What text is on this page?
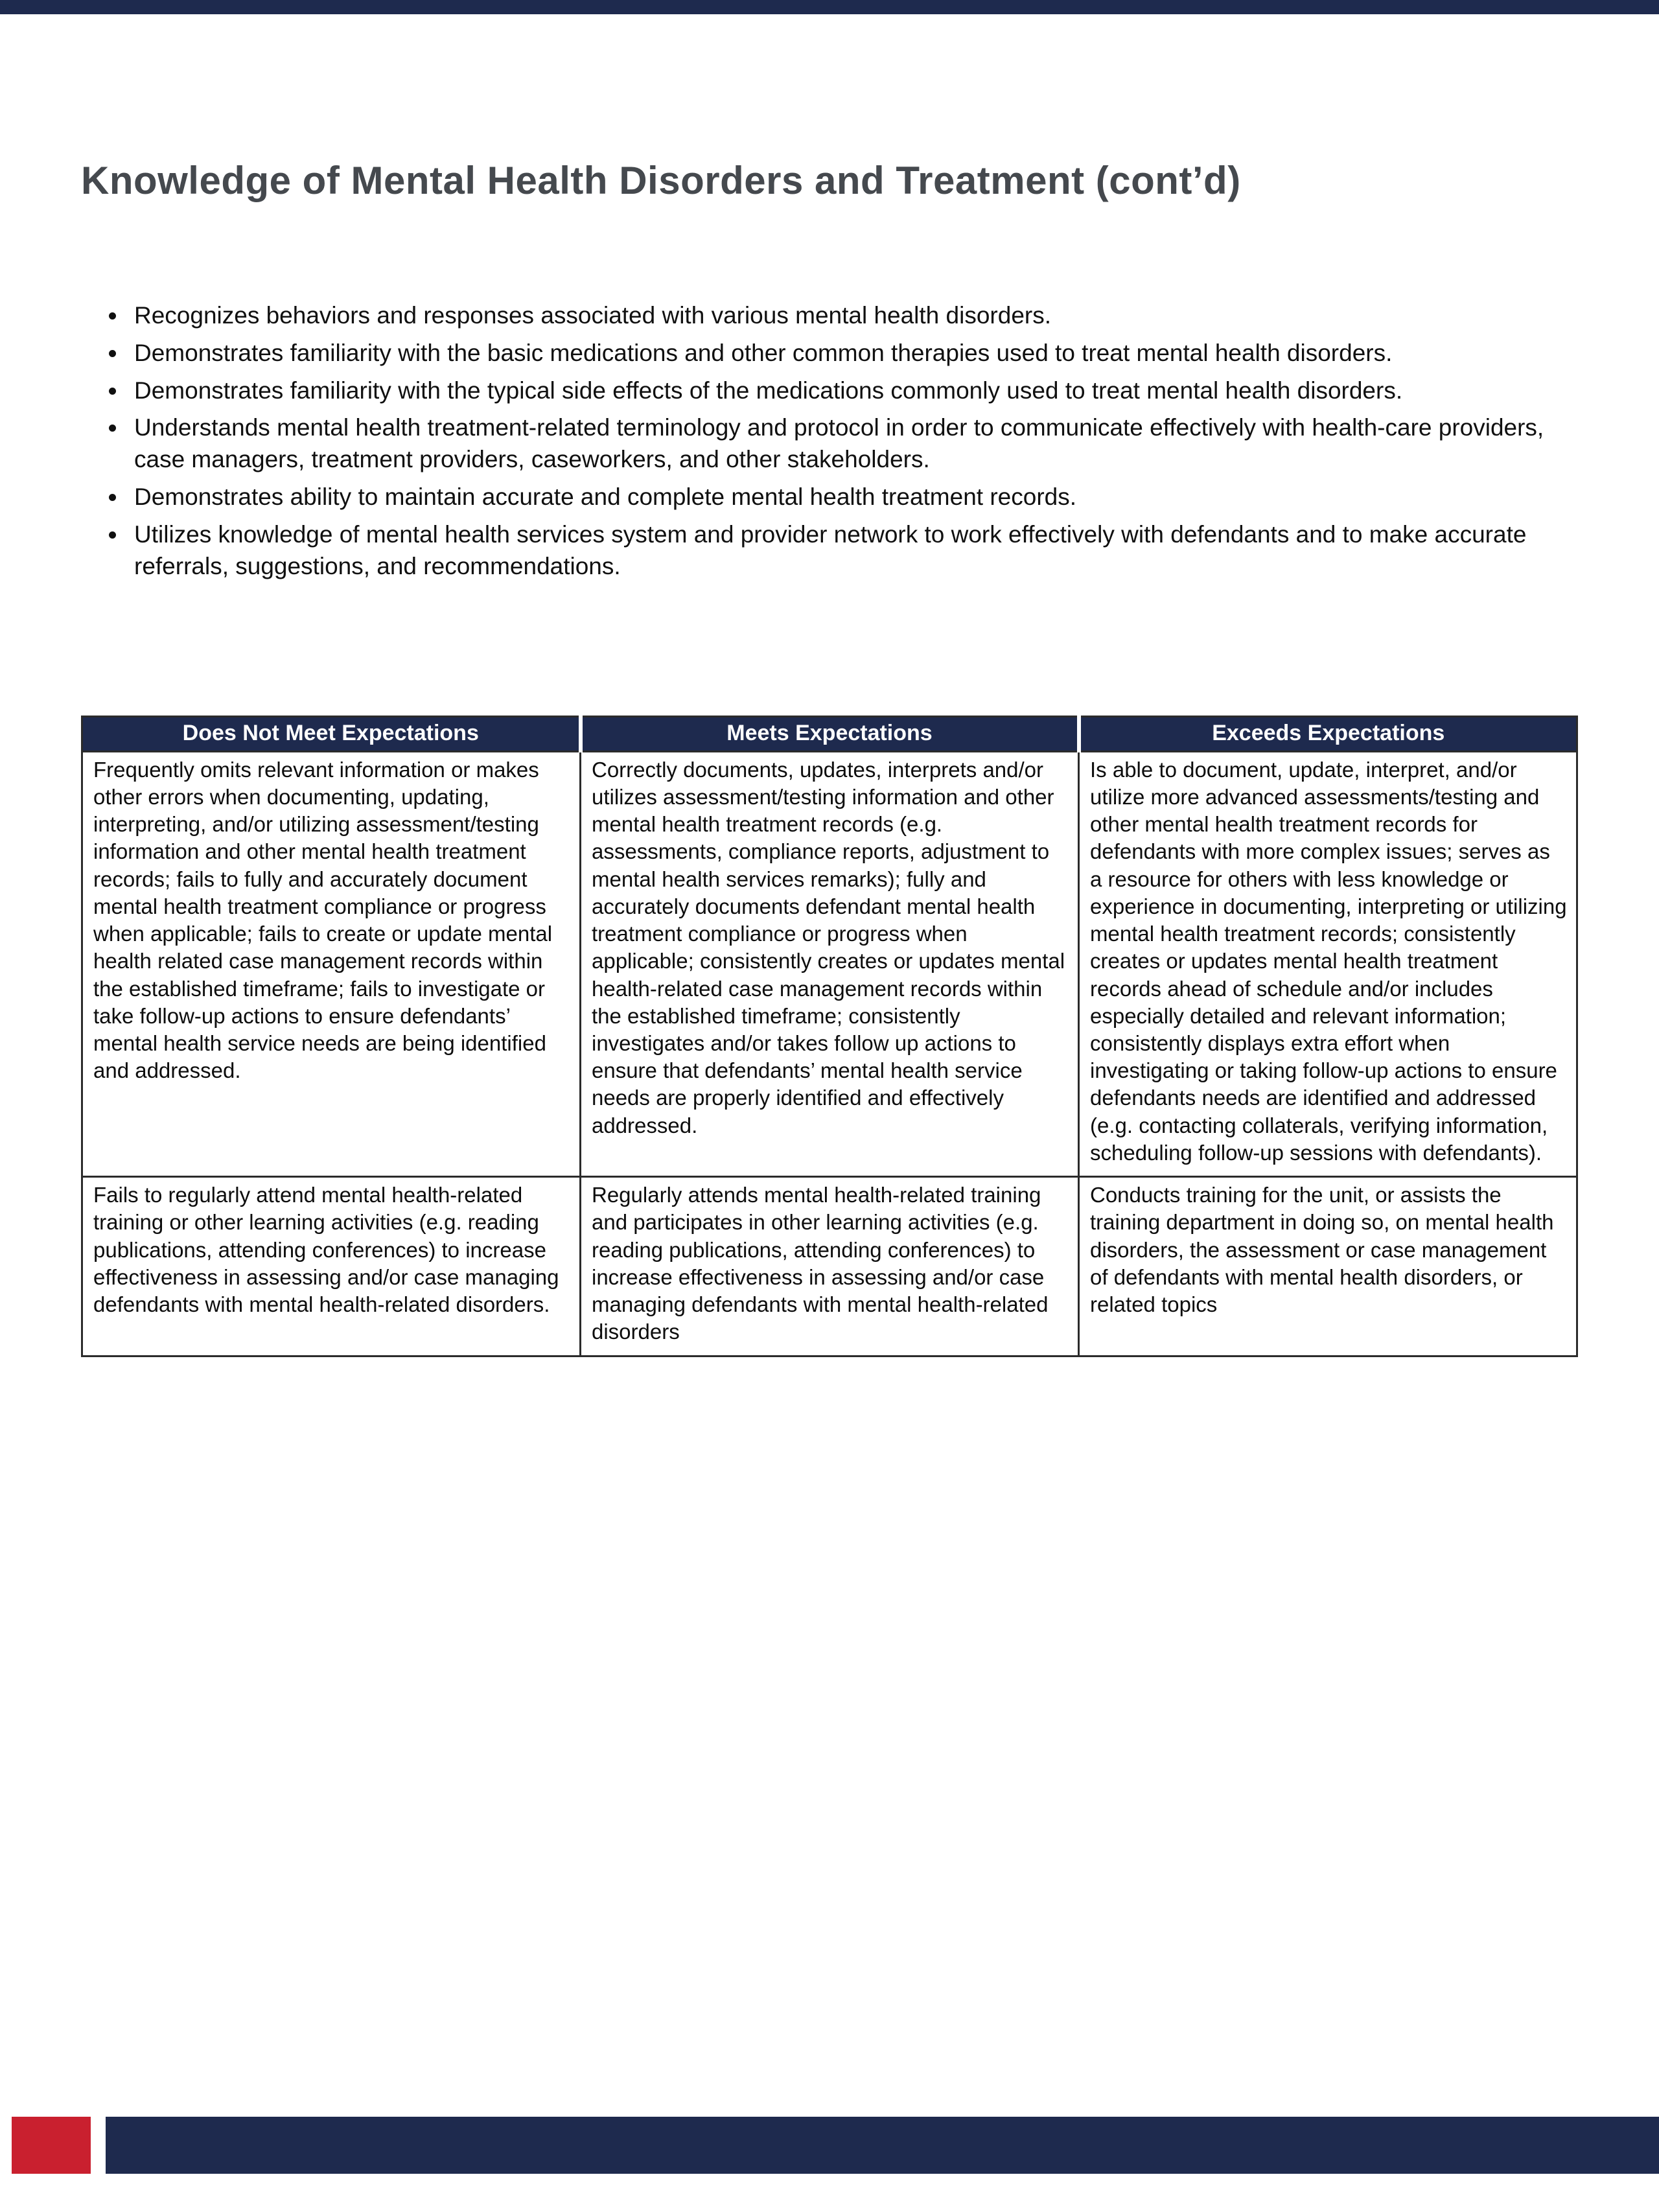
Knowledge of Mental Health Disorders and Treatment (cont’d)
• Recognizes behaviors and responses associated with various mental health disorders.
• Demonstrates familiarity with the basic medications and other common therapies used to treat mental health disorders.
• Demonstrates familiarity with the typical side effects of the medications commonly used to treat mental health disorders.
• Understands mental health treatment-related terminology and protocol in order to communicate effectively with health-care providers, case managers, treatment providers, caseworkers, and other stakeholders.
• Demonstrates ability to maintain accurate and complete mental health treatment records.
• Utilizes knowledge of mental health services system and provider network to work effectively with defendants and to make accurate referrals, suggestions, and recommendations.
Does Not Meet Expectations	Meets Expectations	Exceeds Expectations
Frequently omits relevant information or makes other errors when documenting, updating, interpreting, and/or utilizing assessment/testing information and other mental health treatment records; fails to fully and accurately document mental health treatment compliance or progress when applicable; fails to create or update mental health related case management records within the established timeframe; fails to investigate or take follow-up actions to ensure defendants’ mental health service needs are being identified and addressed.	Correctly documents, updates, interprets and/or utilizes assessment/testing information and other mental health treatment records (e.g. assessments, compliance reports, adjustment to mental health services remarks); fully and accurately documents defendant mental health treatment compliance or progress when applicable; consistently creates or updates mental health-related case management records within the established timeframe; consistently investigates and/or takes follow up actions to ensure that defendants’ mental health service needs are properly identified and effectively addressed.	Is able to document, update, interpret, and/or utilize more advanced assessments/testing and other mental health treatment records for defendants with more complex issues; serves as a resource for others with less knowledge or experience in documenting, interpreting or utilizing mental health treatment records; consistently creates or updates mental health treatment records ahead of schedule and/or includes especially detailed and relevant information; consistently displays extra effort when investigating or taking follow-up actions to ensure defendants needs are identified and addressed (e.g. contacting collaterals, verifying information, scheduling follow-up sessions with defendants).
Fails to regularly attend mental health-related training or other learning activities (e.g. reading publications, attending conferences) to increase effectiveness in assessing and/or case managing defendants with mental health-related disorders.	Regularly attends mental health-related training and participates in other learning activities (e.g. reading publications, attending conferences) to increase effectiveness in assessing and/or case managing defendants with mental health-related disorders	Conducts training for the unit, or assists the training department in doing so, on mental health disorders, the assessment or case management of defendants with mental health disorders, or related topics
